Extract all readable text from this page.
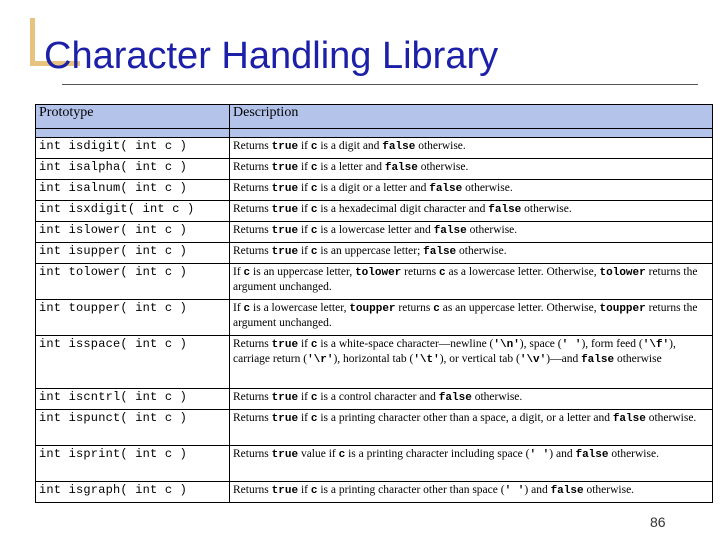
Character Handling Library
Prototype	Description

int isdigit( int c )	Returns true if c is a digit and false otherwise.
int isalpha( int c )	Returns true if c is a letter and false otherwise.
int isalnum( int c )	Returns true if c is a digit or a letter and false otherwise.
int isxdigit( int c )	Returns true if c is a hexadecimal digit character and false otherwise.
int islower( int c )	Returns true if c is a lowercase letter and false otherwise.
int isupper( int c )	Returns true if c is an uppercase letter; false otherwise.
int tolower( int c )	If c is an uppercase letter, tolower returns c as a lowercase letter. Otherwise, tolower returns the argument unchanged.
int toupper( int c )	If c is a lowercase letter, toupper returns c as an uppercase letter. Otherwise, toupper returns the argument unchanged.
int isspace( int c )	Returns true if c is a white-space character—newline ('\n'), space (' '), form feed ('\f'), carriage return ('\r'), horizontal tab ('\t'), or vertical tab ('\v')—and false otherwise
int iscntrl( int c )	Returns true if c is a control character and false otherwise.
int ispunct( int c )	Returns true if c is a printing character other than a space, a digit, or a letter and false otherwise.
int isprint( int c )	Returns true value if c is a printing character including space (' ') and false otherwise.
int isgraph( int c )	Returns true if c is a printing character other than space (' ') and false otherwise.
86
